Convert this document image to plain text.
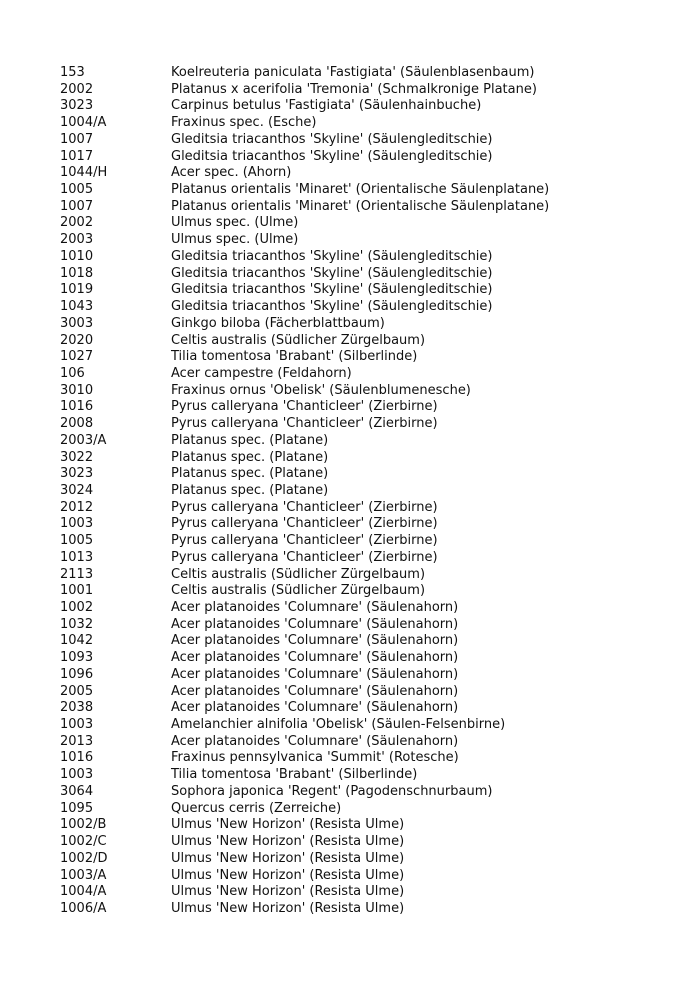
153	Koelreuteria paniculata 'Fastigiata' (Säulenblasenbaum)
2002	Platanus x acerifolia 'Tremonia' (Schmalkronige Platane)
3023	Carpinus betulus 'Fastigiata' (Säulenhainbuche)
1004/A	Fraxinus spec. (Esche)
1007	Gleditsia triacanthos 'Skyline' (Säulengleditschie)
1017	Gleditsia triacanthos 'Skyline' (Säulengleditschie)
1044/H	Acer spec. (Ahorn)
1005	Platanus orientalis 'Minaret' (Orientalische Säulenplatane)
1007	Platanus orientalis 'Minaret' (Orientalische Säulenplatane)
2002	Ulmus spec. (Ulme)
2003	Ulmus spec. (Ulme)
1010	Gleditsia triacanthos 'Skyline' (Säulengleditschie)
1018	Gleditsia triacanthos 'Skyline' (Säulengleditschie)
1019	Gleditsia triacanthos 'Skyline' (Säulengleditschie)
1043	Gleditsia triacanthos 'Skyline' (Säulengleditschie)
3003	Ginkgo biloba (Fächerblattbaum)
2020	Celtis australis (Südlicher Zürgelbaum)
1027	Tilia tomentosa 'Brabant' (Silberlinde)
106	Acer campestre (Feldahorn)
3010	Fraxinus ornus 'Obelisk' (Säulenblumenesche)
1016	Pyrus calleryana 'Chanticleer' (Zierbirne)
2008	Pyrus calleryana 'Chanticleer' (Zierbirne)
2003/A	Platanus spec. (Platane)
3022	Platanus spec. (Platane)
3023	Platanus spec. (Platane)
3024	Platanus spec. (Platane)
2012	Pyrus calleryana 'Chanticleer' (Zierbirne)
1003	Pyrus calleryana 'Chanticleer' (Zierbirne)
1005	Pyrus calleryana 'Chanticleer' (Zierbirne)
1013	Pyrus calleryana 'Chanticleer' (Zierbirne)
2113	Celtis australis (Südlicher Zürgelbaum)
1001	Celtis australis (Südlicher Zürgelbaum)
1002	Acer platanoides 'Columnare' (Säulenahorn)
1032	Acer platanoides 'Columnare' (Säulenahorn)
1042	Acer platanoides 'Columnare' (Säulenahorn)
1093	Acer platanoides 'Columnare' (Säulenahorn)
1096	Acer platanoides 'Columnare' (Säulenahorn)
2005	Acer platanoides 'Columnare' (Säulenahorn)
2038	Acer platanoides 'Columnare' (Säulenahorn)
1003	Amelanchier alnifolia 'Obelisk' (Säulen-Felsenbirne)
2013	Acer platanoides 'Columnare' (Säulenahorn)
1016	Fraxinus pennsylvanica 'Summit' (Rotesche)
1003	Tilia tomentosa 'Brabant' (Silberlinde)
3064	Sophora japonica 'Regent' (Pagodenschnurbaum)
1095	Quercus cerris (Zerreiche)
1002/B	Ulmus 'New Horizon' (Resista Ulme)
1002/C	Ulmus 'New Horizon' (Resista Ulme)
1002/D	Ulmus 'New Horizon' (Resista Ulme)
1003/A	Ulmus 'New Horizon' (Resista Ulme)
1004/A	Ulmus 'New Horizon' (Resista Ulme)
1006/A	Ulmus 'New Horizon' (Resista Ulme)
